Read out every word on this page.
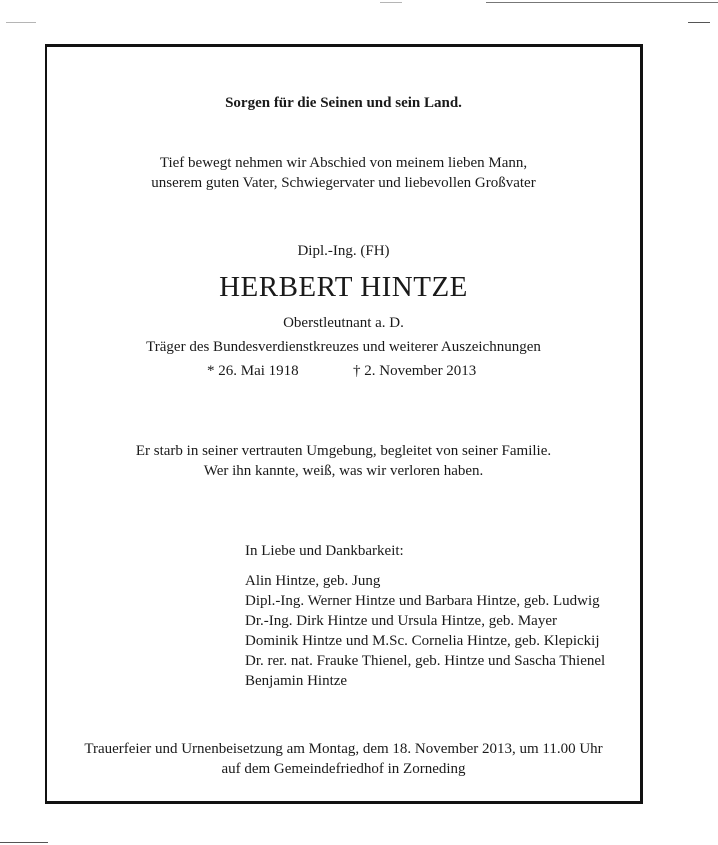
Sorgen für die Seinen und sein Land.
Tief bewegt nehmen wir Abschied von meinem lieben Mann,
unserem guten Vater, Schwiegervater und liebevollen Großvater
Dipl.-Ing. (FH)
HERBERT HINTZE
Oberstleutnant a. D.
Träger des Bundesverdienstkreuzes und weiterer Auszeichnungen
* 26. Mai 1918	† 2. November 2013
Er starb in seiner vertrauten Umgebung, begleitet von seiner Familie.
Wer ihn kannte, weiß, was wir verloren haben.
In Liebe und Dankbarkeit:
Alin Hintze, geb. Jung
Dipl.-Ing. Werner Hintze und Barbara Hintze, geb. Ludwig
Dr.-Ing. Dirk Hintze und Ursula Hintze, geb. Mayer
Dominik Hintze und M.Sc. Cornelia Hintze, geb. Klepickij
Dr. rer. nat. Frauke Thienel, geb. Hintze und Sascha Thienel
Benjamin Hintze
Trauerfeier und Urnenbeisetzung am Montag, dem 18. November 2013, um 11.00 Uhr
auf dem Gemeindefriedhof in Zorneding
